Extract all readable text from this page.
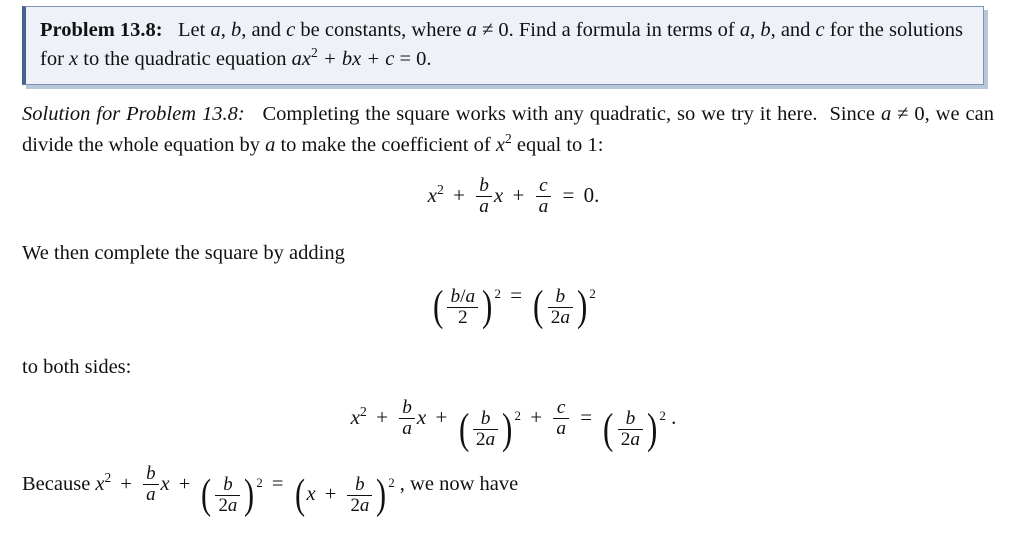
Problem 13.8:   Let a, b, and c be constants, where a ≠ 0. Find a formula in terms of a, b, and c for the solutions for x to the quadratic equation $ax^2$ + bx + c = 0.
Solution for Problem 13.8:   Completing the square works with any quadratic, so we try it here.  Since a ≠ 0, we can divide the whole equation by a to make the coefficient of $x^2$ equal to 1:
$x^2 + \frac{b}{a}$ $x + \frac{c}{a} = 0$.
We then complete the square by adding
( $\frac{b/a}{2}$ ) 2 = ( $\frac{b}{2a}$ ) 2
to both sides:
$x^2 + \frac{b}{a}$ x + ( $\frac{b}{2a}$ ) $2 + \frac{c}{a}$ = ( $\frac{b}{2a}$ ) 2 .
Because $x^2 + \frac{b}{a}$ x + ( $\frac{b}{2a}$ ) $2 = (x + \frac{b}{2a}$ ) 2 , we now have
